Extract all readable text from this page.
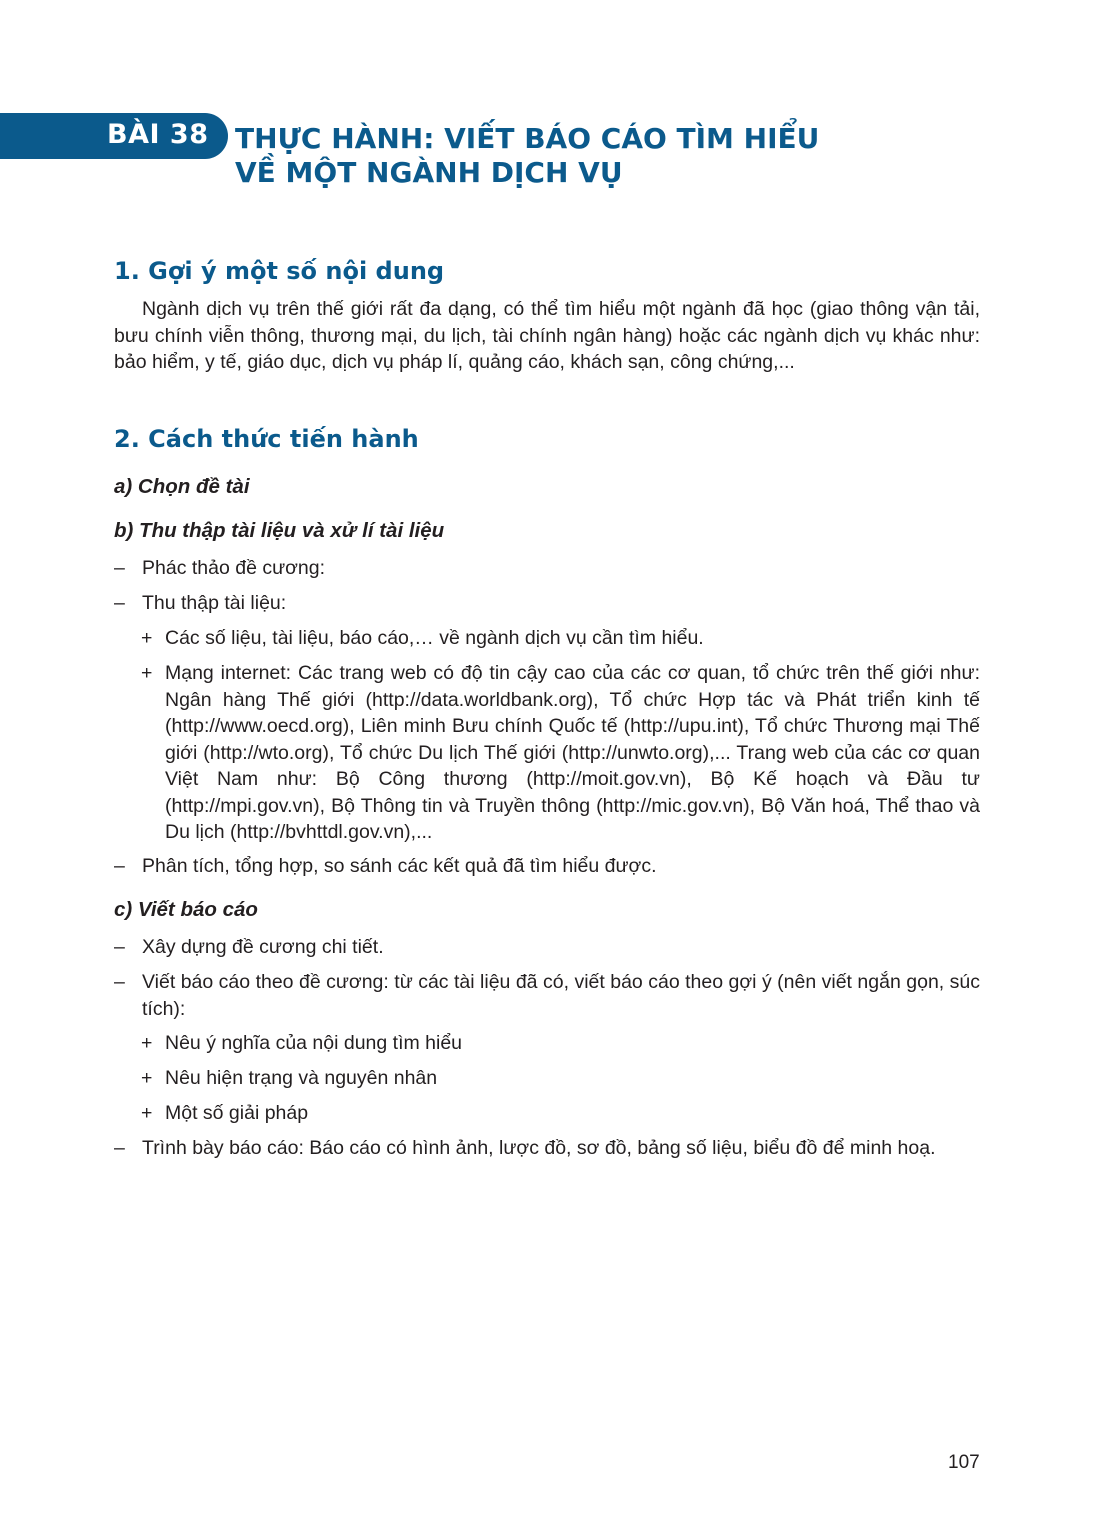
BÀI 38 THỰC HÀNH: VIẾT BÁO CÁO TÌM HIỂU
VỀ MỘT NGÀNH DỊCH VỤ
1. Gợi ý một số nội dung
Ngành dịch vụ trên thế giới rất đa dạng, có thể tìm hiểu một ngành đã học (giao thông vận tải, bưu chính viễn thông, thương mại, du lịch, tài chính ngân hàng) hoặc các ngành dịch vụ khác như: bảo hiểm, y tế, giáo dục, dịch vụ pháp lí, quảng cáo, khách sạn, công chứng,...
2. Cách thức tiến hành
a) Chọn đề tài
b) Thu thập tài liệu và xử lí tài liệu
– Phác thảo đề cương:
– Thu thập tài liệu:
+ Các số liệu, tài liệu, báo cáo,… về ngành dịch vụ cần tìm hiểu.
+ Mạng internet: Các trang web có độ tin cậy cao của các cơ quan, tổ chức trên thế giới như: Ngân hàng Thế giới (http://data.worldbank.org), Tổ chức Hợp tác và Phát triển kinh tế (http://www.oecd.org), Liên minh Bưu chính Quốc tế (http://upu.int), Tổ chức Thương mại Thế giới (http://wto.org), Tổ chức Du lịch Thế giới (http://unwto.org),... Trang web của các cơ quan Việt Nam như: Bộ Công thương (http://moit.gov.vn), Bộ Kế hoạch và Đầu tư (http://mpi.gov.vn), Bộ Thông tin và Truyền thông (http://mic.gov.vn), Bộ Văn hoá, Thể thao và Du lịch (http://bvhttdl.gov.vn),...
– Phân tích, tổng hợp, so sánh các kết quả đã tìm hiểu được.
c) Viết báo cáo
– Xây dựng đề cương chi tiết.
– Viết báo cáo theo đề cương: từ các tài liệu đã có, viết báo cáo theo gợi ý (nên viết ngắn gọn, súc tích):
+ Nêu ý nghĩa của nội dung tìm hiểu
+ Nêu hiện trạng và nguyên nhân
+ Một số giải pháp
– Trình bày báo cáo: Báo cáo có hình ảnh, lược đồ, sơ đồ, bảng số liệu, biểu đồ để minh hoạ.
107
